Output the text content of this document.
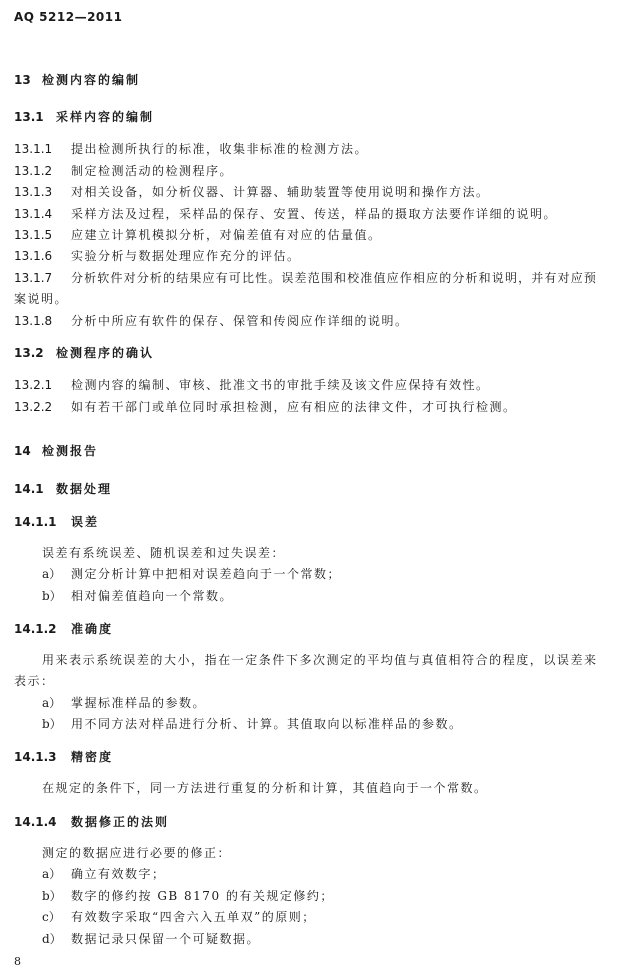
AQ 5212—2011
13 检测内容的编制
13.1 采样内容的编制
13.1.1 提出检测所执行的标准，收集非标准的检测方法。
13.1.2 制定检测活动的检测程序。
13.1.3 对相关设备，如分析仪器、计算器、辅助装置等使用说明和操作方法。
13.1.4 采样方法及过程，采样品的保存、安置、传送，样品的摄取方法要作详细的说明。
13.1.5 应建立计算机模拟分析，对偏差值有对应的估量值。
13.1.6 实验分析与数据处理应作充分的评估。
13.1.7 分析软件对分析的结果应有可比性。误差范围和校准值应作相应的分析和说明，并有对应预
案说明。
13.1.8 分析中所应有软件的保存、保管和传阅应作详细的说明。
13.2 检测程序的确认
13.2.1 检测内容的编制、审核、批准文书的审批手续及该文件应保持有效性。
13.2.2 如有若干部门或单位同时承担检测，应有相应的法律文件，才可执行检测。
14 检测报告
14.1 数据处理
14.1.1 误差
误差有系统误差、随机误差和过失误差：
a） 测定分析计算中把相对误差趋向于一个常数；
b） 相对偏差值趋向一个常数。
14.1.2 准确度
用来表示系统误差的大小，指在一定条件下多次测定的平均值与真值相符合的程度，以误差来
表示：
a） 掌握标准样品的参数。
b） 用不同方法对样品进行分析、计算。其值取向以标准样品的参数。
14.1.3 精密度
在规定的条件下，同一方法进行重复的分析和计算，其值趋向于一个常数。
14.1.4 数据修正的法则
测定的数据应进行必要的修正：
a） 确立有效数字；
b） 数字的修约按 GB 8170 的有关规定修约；
c） 有效数字采取“四舍六入五单双”的原则；
d） 数据记录只保留一个可疑数据。
8
